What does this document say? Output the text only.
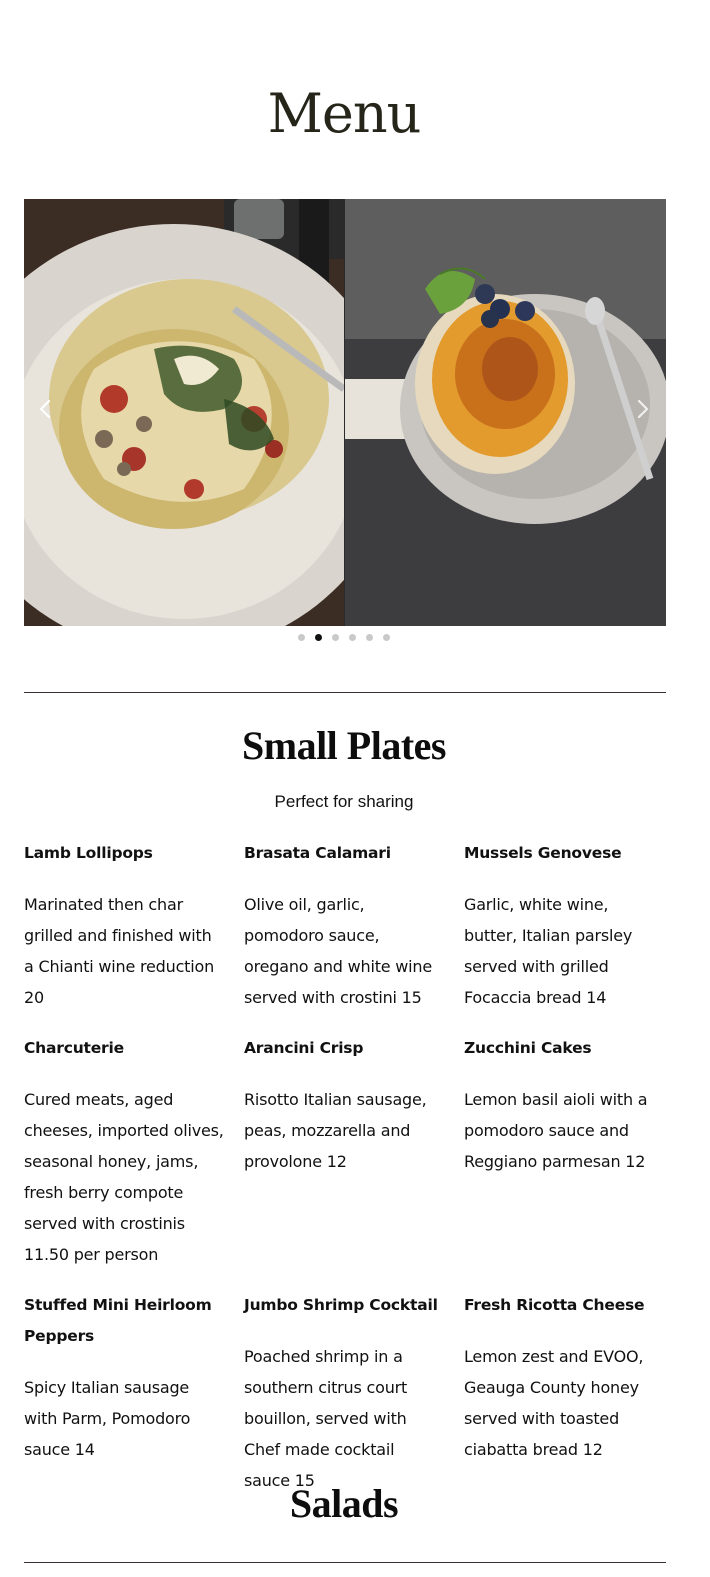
Menu
Small Plates

Perfect for sharing

Lamb Lollipops

Marinated then char grilled and finished with a Chianti wine reduction 20

Brasata Calamari

Olive oil, garlic, pomodoro sauce, oregano and white wine served with crostini 15

Mussels Genovese

Garlic, white wine, butter, Italian parsley served with grilled Focaccia bread 14

Charcuterie

Cured meats, aged cheeses, imported olives, seasonal honey, jams, fresh berry compote served with crostinis 11.50 per person

Arancini Crisp

Risotto Italian sausage, peas, mozzarella and provolone 12

Zucchini Cakes

Lemon basil aioli with a pomodoro sauce and Reggiano parmesan 12

Stuffed Mini Heirloom Peppers

Spicy Italian sausage with Parm, Pomodoro sauce 14

Jumbo Shrimp Cocktail

Poached shrimp in a southern citrus court bouillon, served with Chef made cocktail sauce 15

Fresh Ricotta Cheese

Lemon zest and EVOO, Geauga County honey served with toasted ciabatta bread 12

Salads
